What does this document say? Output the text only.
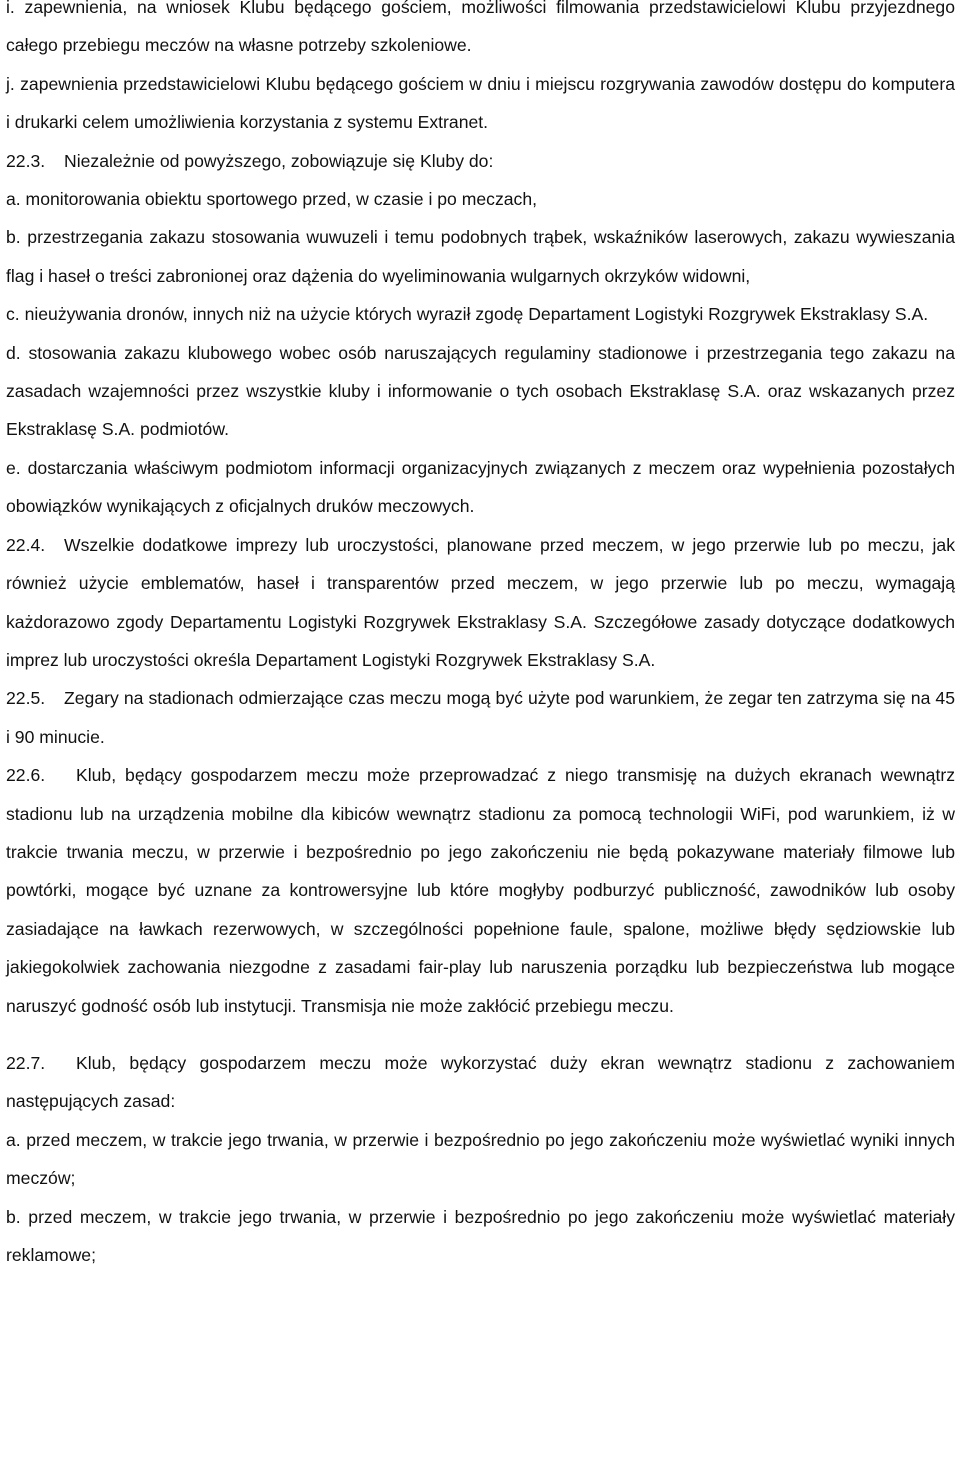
i. zapewnienia, na wniosek Klubu będącego gościem, możliwości filmowania przedstawicielowi Klubu przyjezdnego całego przebiegu meczów na własne potrzeby szkoleniowe.

j. zapewnienia przedstawicielowi Klubu będącego gościem w dniu i miejscu rozgrywania zawodów dostępu do komputera i drukarki celem umożliwienia korzystania z systemu Extranet.

22.3. Niezależnie od powyższego, zobowiązuje się Kluby do:

a. monitorowania obiektu sportowego przed, w czasie i po meczach,

b. przestrzegania zakazu stosowania wuwuzeli i temu podobnych trąbek, wskaźników laserowych, zakazu wywieszania flag i haseł o treści zabronionej oraz dążenia do wyeliminowania wulgarnych okrzyków widowni,

c. nieużywania dronów, innych niż na użycie których wyraził zgodę Departament Logistyki Rozgrywek Ekstraklasy S.A.

d. stosowania zakazu klubowego wobec osób naruszających regulaminy stadionowe i przestrzegania tego zakazu na zasadach wzajemności przez wszystkie kluby i informowanie o tych osobach Ekstraklasę S.A. oraz wskazanych przez Ekstraklasę S.A. podmiotów.

e. dostarczania właściwym podmiotom informacji organizacyjnych związanych z meczem oraz wypełnienia pozostałych obowiązków wynikających z oficjalnych druków meczowych.

22.4. Wszelkie dodatkowe imprezy lub uroczystości, planowane przed meczem, w jego przerwie lub po meczu, jak również użycie emblematów, haseł i transparentów przed meczem, w jego przerwie lub po meczu, wymagają każdorazowo zgody Departamentu Logistyki Rozgrywek Ekstraklasy S.A. Szczegółowe zasady dotyczące dodatkowych imprez lub uroczystości określa Departament Logistyki Rozgrywek Ekstraklasy S.A.

22.5. Zegary na stadionach odmierzające czas meczu mogą być użyte pod warunkiem, że zegar ten zatrzyma się na 45 i 90 minucie.

22.6. Klub, będący gospodarzem meczu może przeprowadzać z niego transmisję na dużych ekranach wewnątrz stadionu lub na urządzenia mobilne dla kibiców wewnątrz stadionu za pomocą technologii WiFi, pod warunkiem, iż w trakcie trwania meczu, w przerwie i bezpośrednio po jego zakończeniu nie będą pokazywane materiały filmowe lub powtórki, mogące być uznane za kontrowersyjne lub które mogłyby podburzyć publiczność, zawodników lub osoby zasiadające na ławkach rezerwowych, w szczególności popełnione faule, spalone, możliwe błędy sędziowskie lub jakiegokolwiek zachowania niezgodne z zasadami fair-play lub naruszenia porządku lub bezpieczeństwa lub mogące naruszyć godność osób lub instytucji. Transmisja nie może zakłócić przebiegu meczu.

22.7. Klub, będący gospodarzem meczu może wykorzystać duży ekran wewnątrz stadionu z zachowaniem następujących zasad:

a. przed meczem, w trakcie jego trwania, w przerwie i bezpośrednio po jego zakończeniu może wyświetlać wyniki innych meczów;

b. przed meczem, w trakcie jego trwania, w przerwie i bezpośrednio po jego zakończeniu może wyświetlać materiały reklamowe;
